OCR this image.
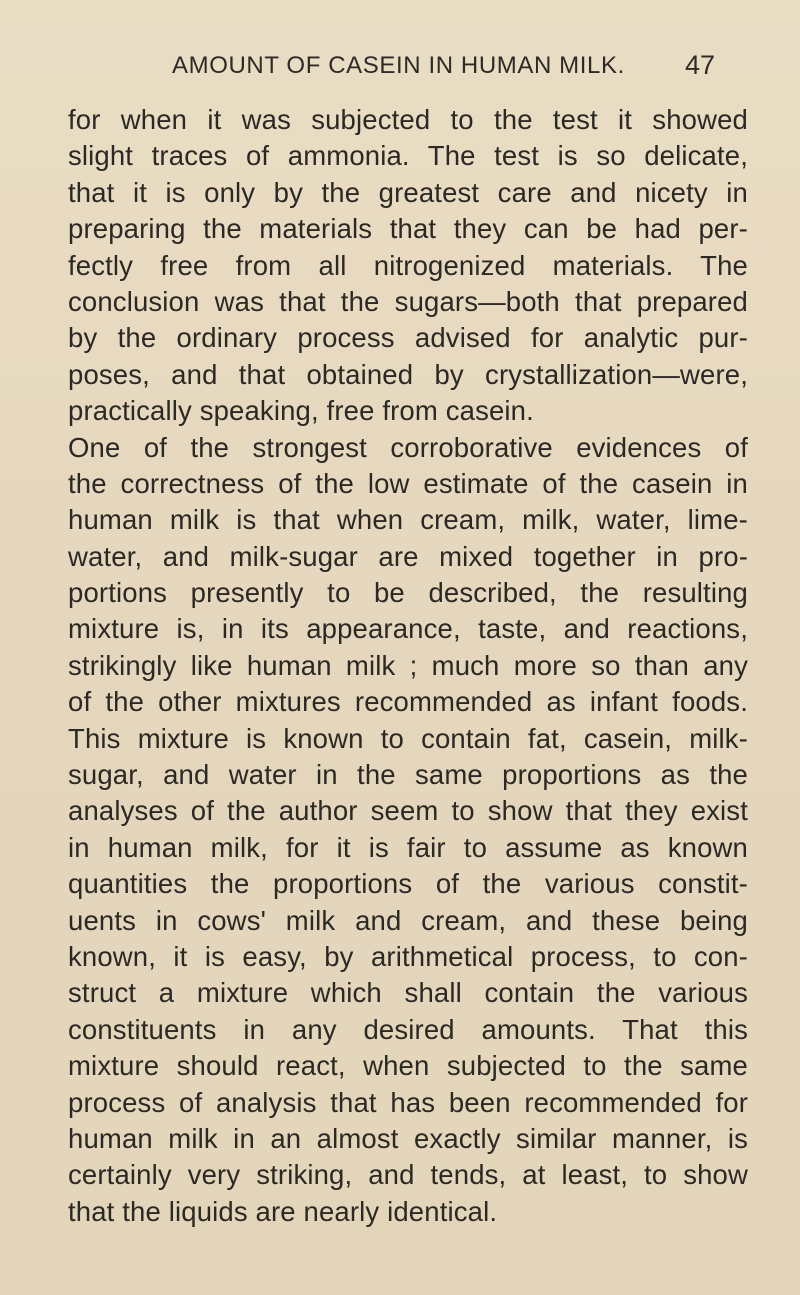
AMOUNT OF CASEIN IN HUMAN MILK. 47
for when it was subjected to the test it showed
slight traces of ammonia. The test is so delicate,
that it is only by the greatest care and nicety in
preparing the materials that they can be had per-
fectly free from all nitrogenized materials. The
conclusion was that the sugars—both that prepared
by the ordinary process advised for analytic pur-
poses, and that obtained by crystallization—were,
practically speaking, free from casein.
One of the strongest corroborative evidences of
the correctness of the low estimate of the casein in
human milk is that when cream, milk, water, lime-
water, and milk-sugar are mixed together in pro-
portions presently to be described, the resulting
mixture is, in its appearance, taste, and reactions,
strikingly like human milk ; much more so than any
of the other mixtures recommended as infant foods.
This mixture is known to contain fat, casein, milk-
sugar, and water in the same proportions as the
analyses of the author seem to show that they exist
in human milk, for it is fair to assume as known
quantities the proportions of the various constit-
uents in cows' milk and cream, and these being
known, it is easy, by arithmetical process, to con-
struct a mixture which shall contain the various
constituents in any desired amounts. That this
mixture should react, when subjected to the same
process of analysis that has been recommended for
human milk in an almost exactly similar manner, is
certainly very striking, and tends, at least, to show
that the liquids are nearly identical.
